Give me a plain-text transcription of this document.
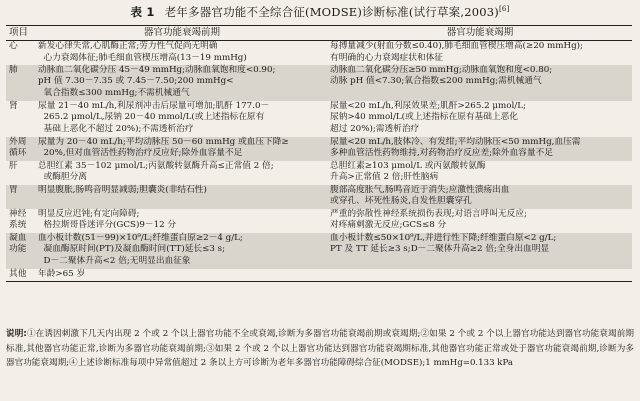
表 1 老年多器官功能不全综合征(MODSE)诊断标准(试行草案,2003)[6]
项目	器官功能衰竭前期	器官功能衰竭期
心	新发心律失常,心肌酶正常;劳力性气促尚无明确
心力衰竭体征;肺毛细血管楔压增高(13－19 mmHg)	每搏量减少(射血分数≤0.40),肺毛细血管楔压增高(≥20 mmHg);
有明确的心力衰竭症状和体征
肺	动脉血二氧化碳分压 45－49 mmHg;动脉血氧饱和度<0.90;
pH 值 7.30－7.35 或 7.45－7.50;200 mmHg<
氧合指数≤300 mmHg;不需机械通气	动脉血二氧化碳分压≥50 mmHg;动脉血氧饱和度<0.80;
动脉 pH 值<7.30;氧合指数≤200 mmHg;需机械通气
肾	尿量 21－40 mL/h,利尿剂冲击后尿量可增加;肌酐 177.0－
265.2 μmol/L,尿钠 20－40 mmol/L(或上述指标在原有
基础上恶化不超过 20%);不需透析治疗	尿量<20 mL/h,利尿效果差;肌酐>265.2 μmol/L;
尿钠>40 mmol/L(或上述指标在原有基础上恶化
超过 20%);需透析治疗
外周
循环	尿量为 20－40 mL/h;平均动脉压 50－60 mmHg 或血压下降≥
20%,但对血管活性药物治疗反应好;除外血容量不足	尿量<20 mL/h,肢体冷、有发绀;平均动脉压<50 mmHg,血压需
多种血管活性药物维持,对药物治疗反应差;除外血容量不足
肝	总胆红素 35－102 μmol/L;丙氨酸转氨酶升高≤正常值 2 倍;
或酶胆分离	总胆红素≥103 μmol/L 或丙氨酸转氨酶
升高>正常值 2 倍;肝性脑病
胃	明显腹胀,肠鸣音明显减弱;胆囊炎(非结石性)	腹部高度胀气,肠鸣音近于消失;应激性溃疡出血
或穿孔、坏死性肠炎,自发性胆囊穿孔
神经
系统	明显反应迟钝;有定向障碍;
格拉斯哥昏迷评分(GCS)9－12 分	严重的弥散性神经系统损伤表现;对语言呼叫无反应;
对疼痛刺激无反应;GCS≤8 分
凝血
功能	血小板计数(51－99)×10⁹/L;纤维蛋白原≥2－4 g/L;
凝血酶原时间(PT)及凝血酶时间(TT)延长≤3 s;
D－二聚体升高<2 倍;无明显出血征象	血小板计数≤50×10⁹/L,并进行性下降;纤维蛋白原<2 g/L;
PT 及 TT 延长≥3 s;D－二聚体升高≥2 倍;全身出血明显
其他	年龄>65 岁	
说明:①在诱因刺激下几天内出现 2 个或 2 个以上器官功能不全或衰竭,诊断为多器官功能衰竭前期或衰竭期;②如果 2 个或 2 个以上器官功能达到器官功能衰竭前期标准,其他器官功能正常,诊断为多器官功能衰竭前期;③如果 2 个或 2 个以上器官功能达到器官功能衰竭期标准,其他器官功能正常或处于器官功能衰竭前期,诊断为多器官功能衰竭期;④上述诊断标准每项中异常值超过 2 条以上方可诊断为老年多器官功能障碍综合征(MODSE);1 mmHg=0.133 kPa
